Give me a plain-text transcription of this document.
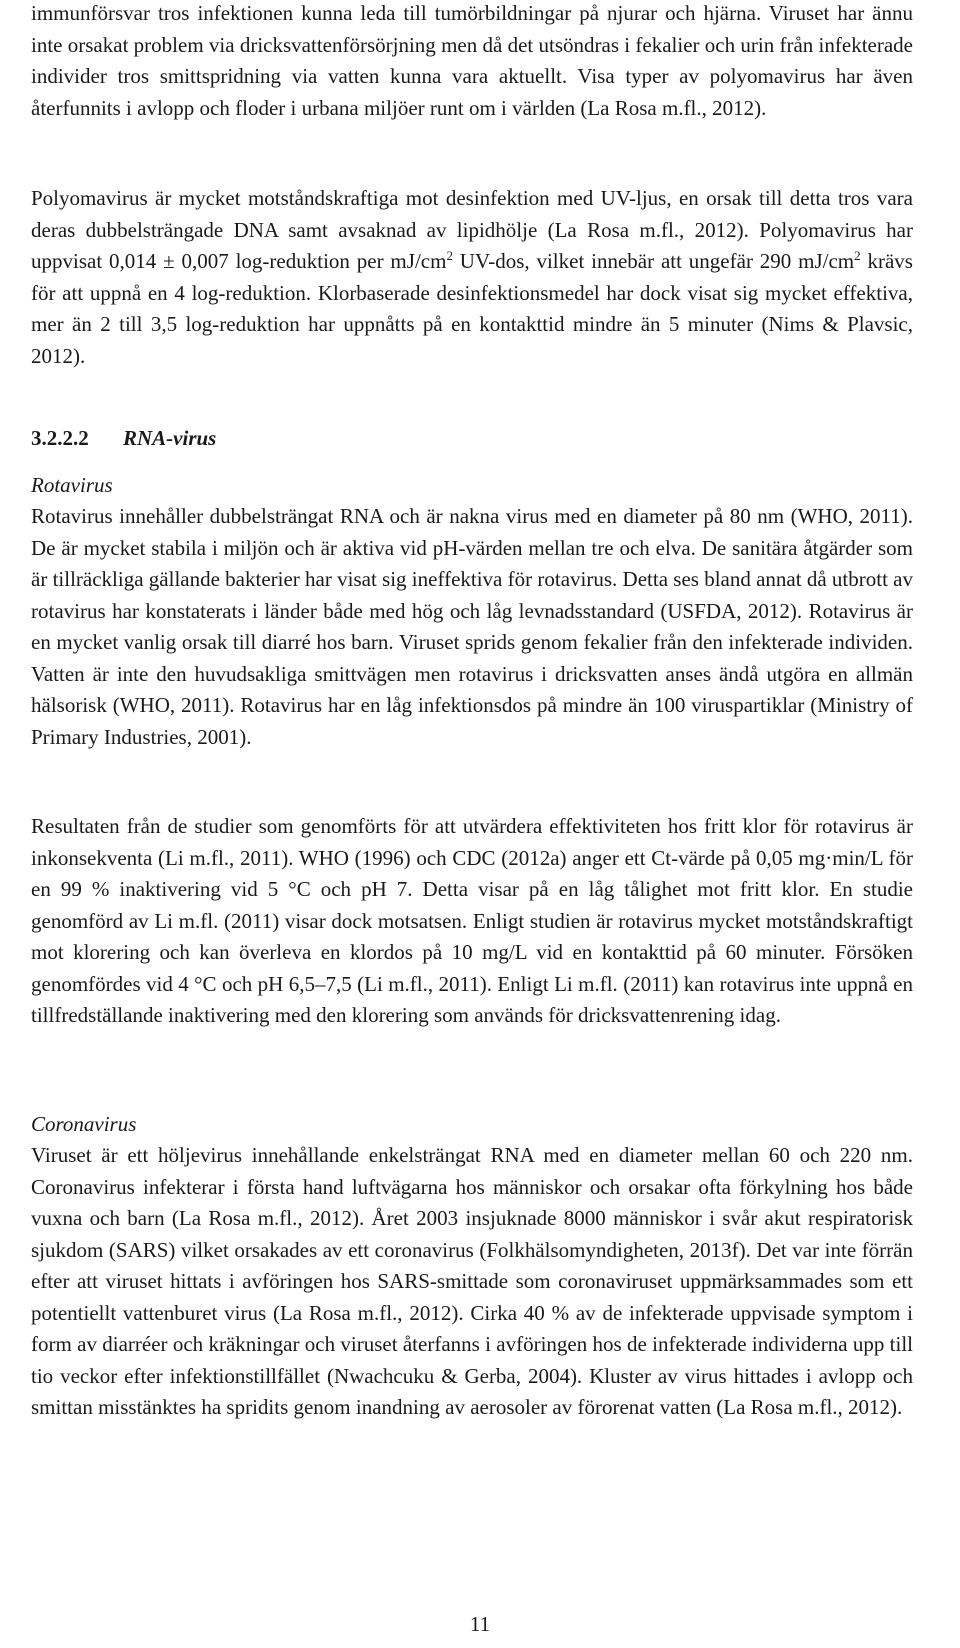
immunförsvar tros infektionen kunna leda till tumörbildningar på njurar och hjärna. Viruset har ännu inte orsakat problem via dricksvattenförsörjning men då det utsöndras i fekalier och urin från infekterade individer tros smittspridning via vatten kunna vara aktuellt. Visa typer av polyomavirus har även återfunnits i avlopp och floder i urbana miljöer runt om i världen (La Rosa m.fl., 2012).

Polyomavirus är mycket motståndskraftiga mot desinfektion med UV-ljus, en orsak till detta tros vara deras dubbelsträngade DNA samt avsaknad av lipidhölje (La Rosa m.fl., 2012). Polyomavirus har uppvisat 0,014 ± 0,007 log-reduktion per $mJ/cm^2$ UV-dos, vilket innebär att ungefär 290 $mJ/cm^2$ krävs för att uppnå en 4 log-reduktion. Klorbaserade desinfektionsmedel har dock visat sig mycket effektiva, mer än 2 till 3,5 log-reduktion har uppnåtts på en kontakttid mindre än 5 minuter (Nims & Plavsic, 2012).

3.2.2.2 RNA-virus

Rotavirus

Rotavirus innehåller dubbelsträngat RNA och är nakna virus med en diameter på 80 nm (WHO, 2011). De är mycket stabila i miljön och är aktiva vid pH-värden mellan tre och elva. De sanitära åtgärder som är tillräckliga gällande bakterier har visat sig ineffektiva för rotavirus. Detta ses bland annat då utbrott av rotavirus har konstaterats i länder både med hög och låg levnadsstandard (USFDA, 2012). Rotavirus är en mycket vanlig orsak till diarré hos barn. Viruset sprids genom fekalier från den infekterade individen. Vatten är inte den huvudsakliga smittvägen men rotavirus i dricksvatten anses ändå utgöra en allmän hälsorisk (WHO, 2011). Rotavirus har en låg infektionsdos på mindre än 100 viruspartiklar (Ministry of Primary Industries, 2001).

Resultaten från de studier som genomförts för att utvärdera effektiviteten hos fritt klor för rotavirus är inkonsekventa (Li m.fl., 2011). WHO (1996) och CDC (2012a) anger ett Ct-värde på 0,05 mg·min/L för en 99 % inaktivering vid 5 °C och pH 7. Detta visar på en låg tålighet mot fritt klor. En studie genomförd av Li m.fl. (2011) visar dock motsatsen. Enligt studien är rotavirus mycket motståndskraftigt mot klorering och kan överleva en klordos på 10 mg/L vid en kontakttid på 60 minuter. Försöken genomfördes vid 4 °C och pH 6,5–7,5 (Li m.fl., 2011). Enligt Li m.fl. (2011) kan rotavirus inte uppnå en tillfredställande inaktivering med den klorering som används för dricksvattenrening idag.

Coronavirus

Viruset är ett höljevirus innehållande enkelsträngat RNA med en diameter mellan 60 och 220 nm. Coronavirus infekterar i första hand luftvägarna hos människor och orsakar ofta förkylning hos både vuxna och barn (La Rosa m.fl., 2012). Året 2003 insjuknade 8000 människor i svår akut respiratorisk sjukdom (SARS) vilket orsakades av ett coronavirus (Folkhälsomyndigheten, 2013f). Det var inte förrän efter att viruset hittats i avföringen hos SARS-smittade som coronaviruset uppmärksammades som ett potentiellt vattenburet virus (La Rosa m.fl., 2012). Cirka 40 % av de infekterade uppvisade symptom i form av diarréer och kräkningar och viruset återfanns i avföringen hos de infekterade individerna upp till tio veckor efter infektionstillfället (Nwachcuku & Gerba, 2004). Kluster av virus hittades i avlopp och smittan misstänktes ha spridits genom inandning av aerosoler av förorenat vatten (La Rosa m.fl., 2012).

11
